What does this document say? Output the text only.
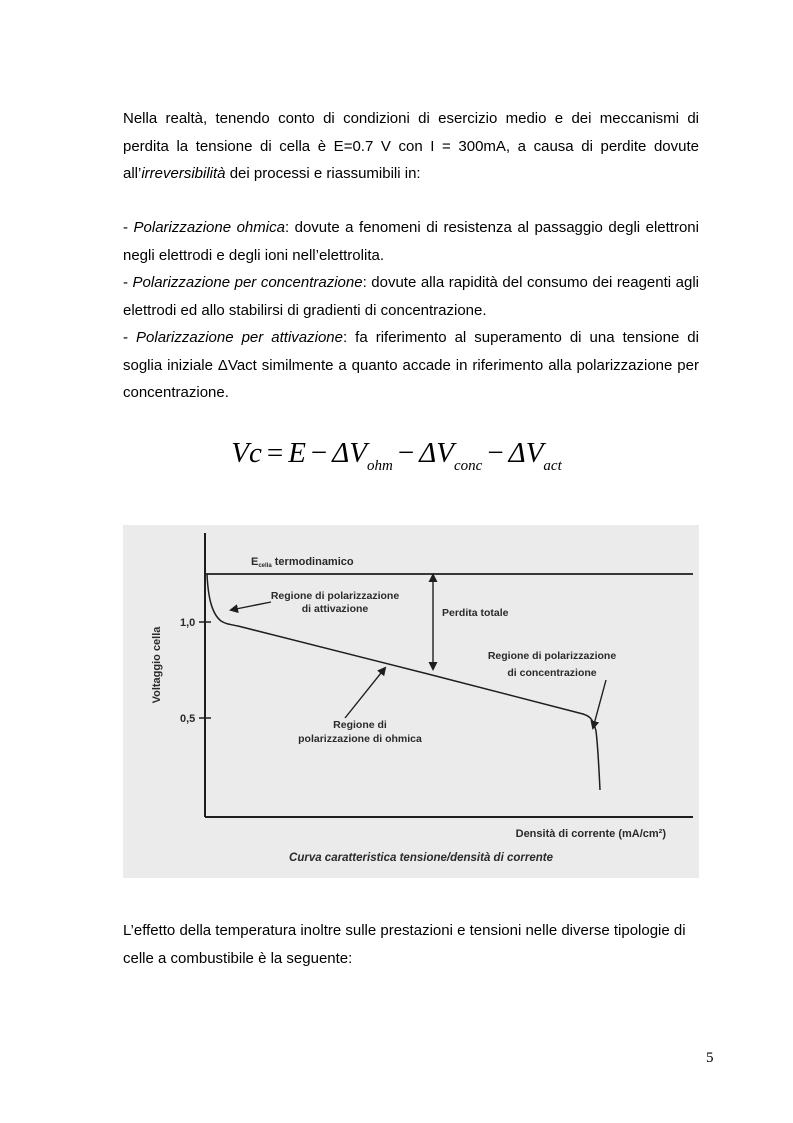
Nella realtà, tenendo conto di condizioni di esercizio medio e dei meccanismi di perdita la tensione di cella è E=0.7 V con I = 300mA, a causa di perdite dovute all’irreversibilità dei processi e riassumibili in:

- Polarizzazione ohmica: dovute a fenomeni di resistenza al passaggio degli elettroni negli elettrodi e degli ioni nell’elettrolita.
- Polarizzazione per concentrazione: dovute alla rapidità del consumo dei reagenti agli elettrodi ed allo stabilirsi di gradienti di concentrazione.
- Polarizzazione per attivazione: fa riferimento al superamento di una tensione di soglia iniziale ΔVact similmente a quanto accade in riferimento alla polarizzazione per concentrazione.
$Vc = E - \Delta V_{ohm} - \Delta V_{conc} - \Delta V_{act}$
1,0
0,5
Voltaggio cella
Ecella termodinamico
Perdita totale
Regione di polarizzazione
di attivazione
Regione di polarizzazione
di concentrazione
Regione di
polarizzazione di ohmica
Densità di corrente (mA/cm²)
Curva caratteristica tensione/densità di corrente

L’effetto della temperatura inoltre sulle prestazioni e tensioni nelle diverse tipologie di celle a combustibile è la seguente:

5
